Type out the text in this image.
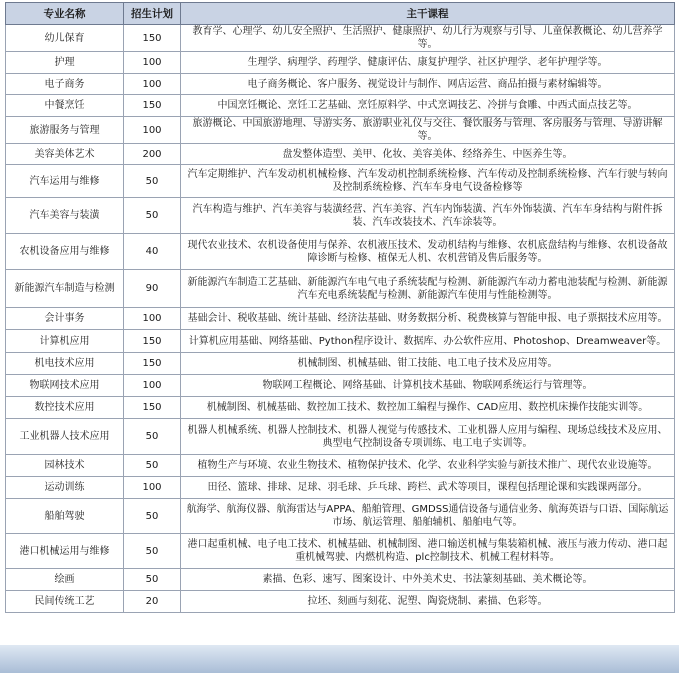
专业名称	招生计划	主干课程
幼儿保育	150	教育学、心理学、幼儿安全照护、生活照护、健康照护、幼儿行为观察与引导、儿童保教概论、幼儿营养学等。
护理	100	生理学、病理学、药理学、健康评估、康复护理学、社区护理学、老年护理学等。
电子商务	100	电子商务概论、客户服务、视觉设计与制作、网店运营、商品拍摄与素材编辑等。
中餐烹饪	150	中国烹饪概论、烹饪工艺基础、烹饪原料学、中式烹调技艺、冷拼与食雕、中西式面点技艺等。
旅游服务与管理	100	旅游概论、中国旅游地理、导游实务、旅游职业礼仪与交往、餐饮服务与管理、客房服务与管理、导游讲解等。
美容美体艺术	200	盘发整体造型、美甲、化妆、美容美体、经络养生、中医养生等。
汽车运用与维修	50	汽车定期维护、汽车发动机机械检修、汽车发动机控制系统检修、汽车传动及控制系统检修、汽车行驶与转向及控制系统检修、汽车车身电气设备检修等
汽车美容与装潢	50	汽车构造与维护、汽车美容与装潢经营、汽车美容、汽车内饰装潢、汽车外饰装潢、汽车车身结构与附件拆装、汽车改装技术、汽车涂装等。
农机设备应用与维修	40	现代农业技术、农机设备使用与保养、农机液压技术、发动机结构与维修、农机底盘结构与维修、农机设备故障诊断与检修、植保无人机、农机营销及售后服务等。
新能源汽车制造与检测	90	新能源汽车制造工艺基础、新能源汽车电气电子系统装配与检测、新能源汽车动力蓄电池装配与检测、新能源汽车充电系统装配与检测、新能源汽车使用与性能检测等。
会计事务	100	基础会计、税收基础、统计基础、经济法基础、财务数据分析、税费核算与智能申报、电子票据技术应用等。
计算机应用	150	计算机应用基础、网络基础、Python程序设计、数据库、办公软件应用、Photoshop、Dreamweaver等。
机电技术应用	150	机械制图、机械基础、钳工技能、电工电子技术及应用等。
物联网技术应用	100	物联网工程概论、网络基础、计算机技术基础、物联网系统运行与管理等。
数控技术应用	150	机械制图、机械基础、数控加工技术、数控加工编程与操作、CAD应用、数控机床操作技能实训等。
工业机器人技术应用	50	机器人机械系统、机器人控制技术、机器人视觉与传感技术、工业机器人应用与编程、现场总线技术及应用、典型电气控制设备专项训练、电工电子实训等。
园林技术	50	植物生产与环境、农业生物技术、植物保护技术、化学、农业科学实验与新技术推广、现代农业设施等。
运动训练	100	田径、篮球、排球、足球、羽毛球、乒乓球、跨栏、武术等项目，课程包括理论课和实践课两部分。
船舶驾驶	50	航海学、航海仪器、航海雷达与APPA、船舶管理、GMDSS通信设备与通信业务、航海英语与口语、国际航运市场、航运管理、船舶辅机、船舶电气等。
港口机械运用与维修	50	港口起重机械、电子电工技术、机械基础、机械制图、港口输送机械与集装箱机械、液压与液力传动、港口起重机械驾驶、内燃机构造、plc控制技术、机械工程材料等。
绘画	50	素描、色彩、速写、图案设计、中外美术史、书法篆刻基础、美术概论等。
民间传统工艺	20	拉坯、刻画与刻花、泥塑、陶瓷烧制、素描、色彩等。
